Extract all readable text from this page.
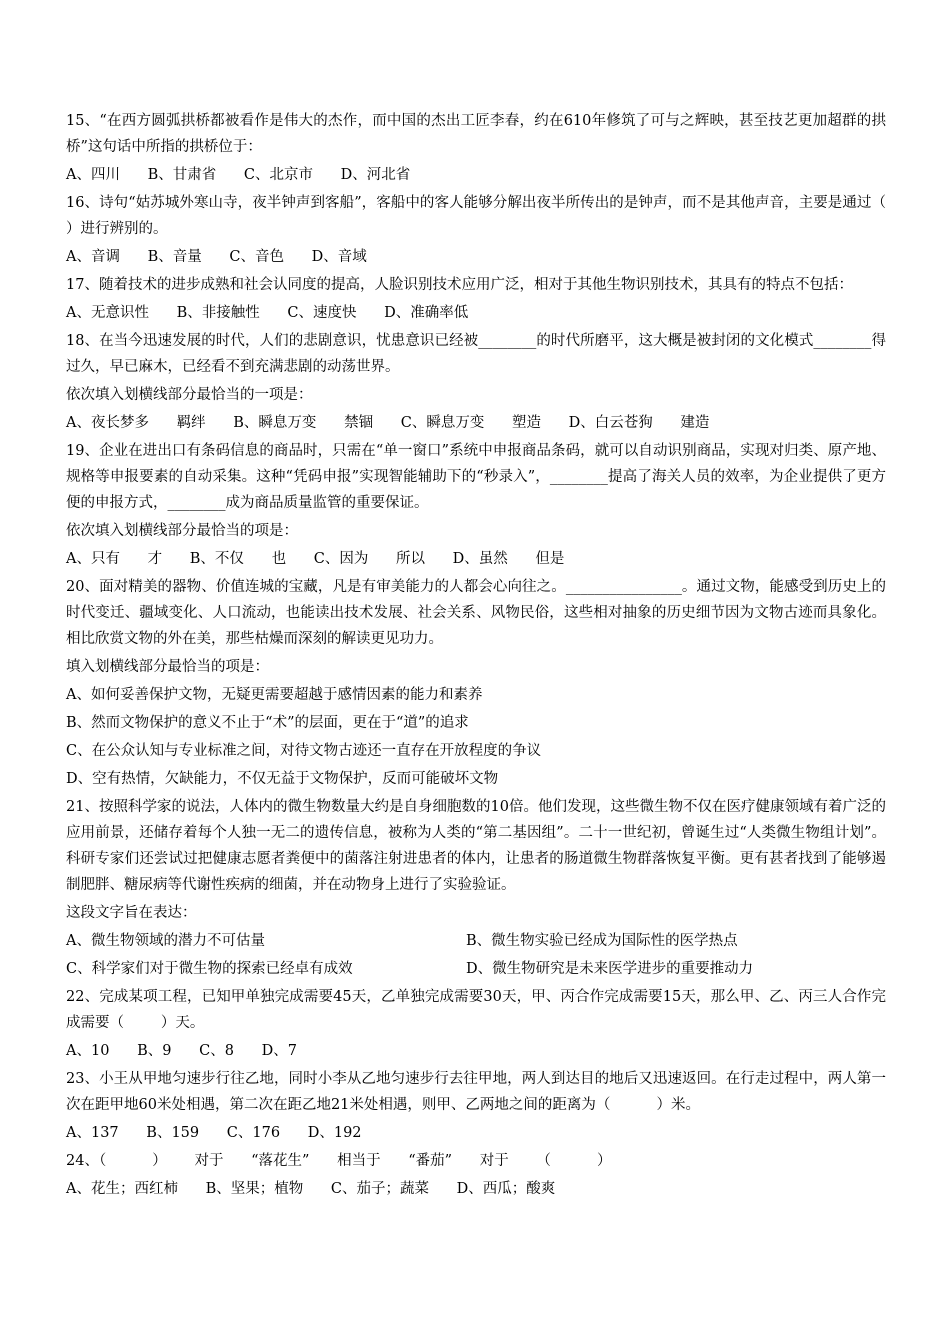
15、“在西方圆弧拱桥都被看作是伟大的杰作，而中国的杰出工匠李春，约在610年修筑了可与之辉映，甚至技艺更加超群的拱桥”这句话中所指的拱桥位于：

A、四川      B、甘肃省      C、北京市      D、河北省

16、诗句“姑苏城外寒山寺，夜半钟声到客船”，客船中的客人能够分解出夜半所传出的是钟声，而不是其他声音，主要是通过（        ）进行辨别的。

A、音调      B、音量      C、音色      D、音域

17、随着技术的进步成熟和社会认同度的提高，人脸识别技术应用广泛，相对于其他生物识别技术，其具有的特点不包括：

A、无意识性      B、非接触性      C、速度快      D、准确率低

18、在当今迅速发展的时代，人们的悲剧意识，忧患意识已经被________的时代所磨平，这大概是被封闭的文化模式________得过久，早已麻木，已经看不到充满悲剧的动荡世界。

依次填入划横线部分最恰当的一项是：

A、夜长梦多      羁绊      B、瞬息万变      禁锢      C、瞬息万变      塑造      D、白云苍狗      建造

19、企业在进出口有条码信息的商品时，只需在“单一窗口”系统中申报商品条码，就可以自动识别商品，实现对归类、原产地、规格等申报要素的自动采集。这种“凭码申报”实现智能辅助下的“秒录入”，________提高了海关人员的效率，为企业提供了更方便的申报方式，________成为商品质量监管的重要保证。

依次填入划横线部分最恰当的项是：

A、只有      才      B、不仅      也      C、因为      所以      D、虽然      但是

20、面对精美的器物、价值连城的宝藏，凡是有审美能力的人都会心向往之。________________。通过文物，能感受到历史上的时代变迁、疆域变化、人口流动，也能读出技术发展、社会关系、风物民俗，这些相对抽象的历史细节因为文物古迹而具象化。相比欣赏文物的外在美，那些枯燥而深刻的解读更见功力。

填入划横线部分最恰当的项是：

A、如何妥善保护文物，无疑更需要超越于感情因素的能力和素养

B、然而文物保护的意义不止于“术”的层面，更在于“道”的追求

C、在公众认知与专业标准之间，对待文物古迹还一直存在开放程度的争议

D、空有热情，欠缺能力，不仅无益于文物保护，反而可能破坏文物

21、按照科学家的说法，人体内的微生物数量大约是自身细胞数的10倍。他们发现，这些微生物不仅在医疗健康领域有着广泛的应用前景，还储存着每个人独一无二的遗传信息，被称为人类的“第二基因组”。二十一世纪初，曾诞生过“人类微生物组计划”。科研专家们还尝试过把健康志愿者粪便中的菌落注射进患者的体内，让患者的肠道微生物群落恢复平衡。更有甚者找到了能够遏制肥胖、糖尿病等代谢性疾病的细菌，并在动物身上进行了实验验证。

这段文字旨在表达：

A、微生物领域的潜力不可估量	B、微生物实验已经成为国际性的医学热点
C、科学家们对于微生物的探索已经卓有成效	D、微生物研究是未来医学进步的重要推动力

22、完成某项工程，已知甲单独完成需要45天，乙单独完成需要30天，甲、丙合作完成需要15天，那么甲、乙、丙三人合作完成需要（        ）天。

A、10      B、9      C、8      D、7

23、小王从甲地匀速步行往乙地，同时小李从乙地匀速步行去往甲地，两人到达目的地后又迅速返回。在行走过程中，两人第一次在距甲地60米处相遇，第二次在距乙地21米处相遇，则甲、乙两地之间的距离为（          ）米。

A、137      B、159      C、176      D、192

24、（          ）      对于      “落花生”      相当于      “番茄”      对于      （          ）

A、花生；西红柿      B、坚果；植物      C、茄子；蔬菜      D、西瓜；酸爽
